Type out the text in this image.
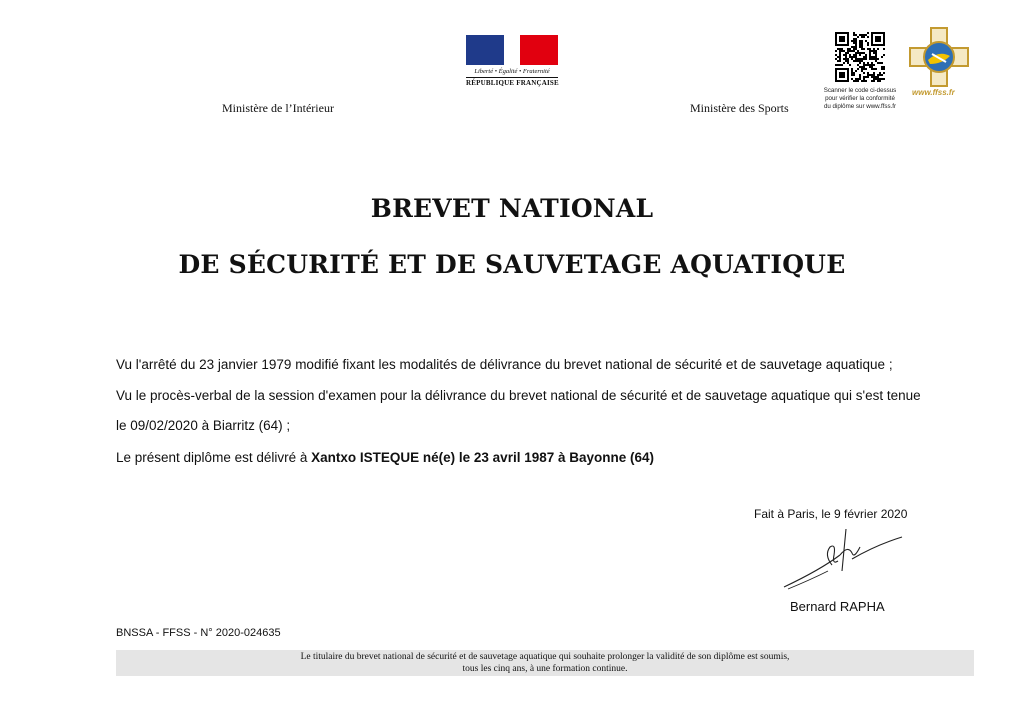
Liberté • Égalité • Fraternité
RÉPUBLIQUE FRANÇAISE
Ministère de l’Intérieur	Ministère des Sports
Scanner le code ci-dessus
pour vérifier la conformité
du diplôme sur www.ffss.fr
www.ffss.fr
BREVET NATIONAL
DE SÉCURITÉ ET DE SAUVETAGE AQUATIQUE
Vu l'arrêté du 23 janvier 1979 modifié fixant les modalités de délivrance du brevet national de sécurité et de sauvetage aquatique ;
Vu le procès-verbal de la session d'examen pour la délivrance du brevet national de sécurité et de sauvetage aquatique qui s'est tenue
le 09/02/2020 à Biarritz (64) ;
Le présent diplôme est délivré à Xantxo ISTEQUE né(e) le 23 avril 1987 à Bayonne (64)
Fait à Paris, le 9 février 2020
Bernard RAPHA
BNSSA - FFSS - N° 2020-024635
Le titulaire du brevet national de sécurité et de sauvetage aquatique qui souhaite prolonger la validité de son diplôme est soumis,
tous les cinq ans, à une formation continue.
